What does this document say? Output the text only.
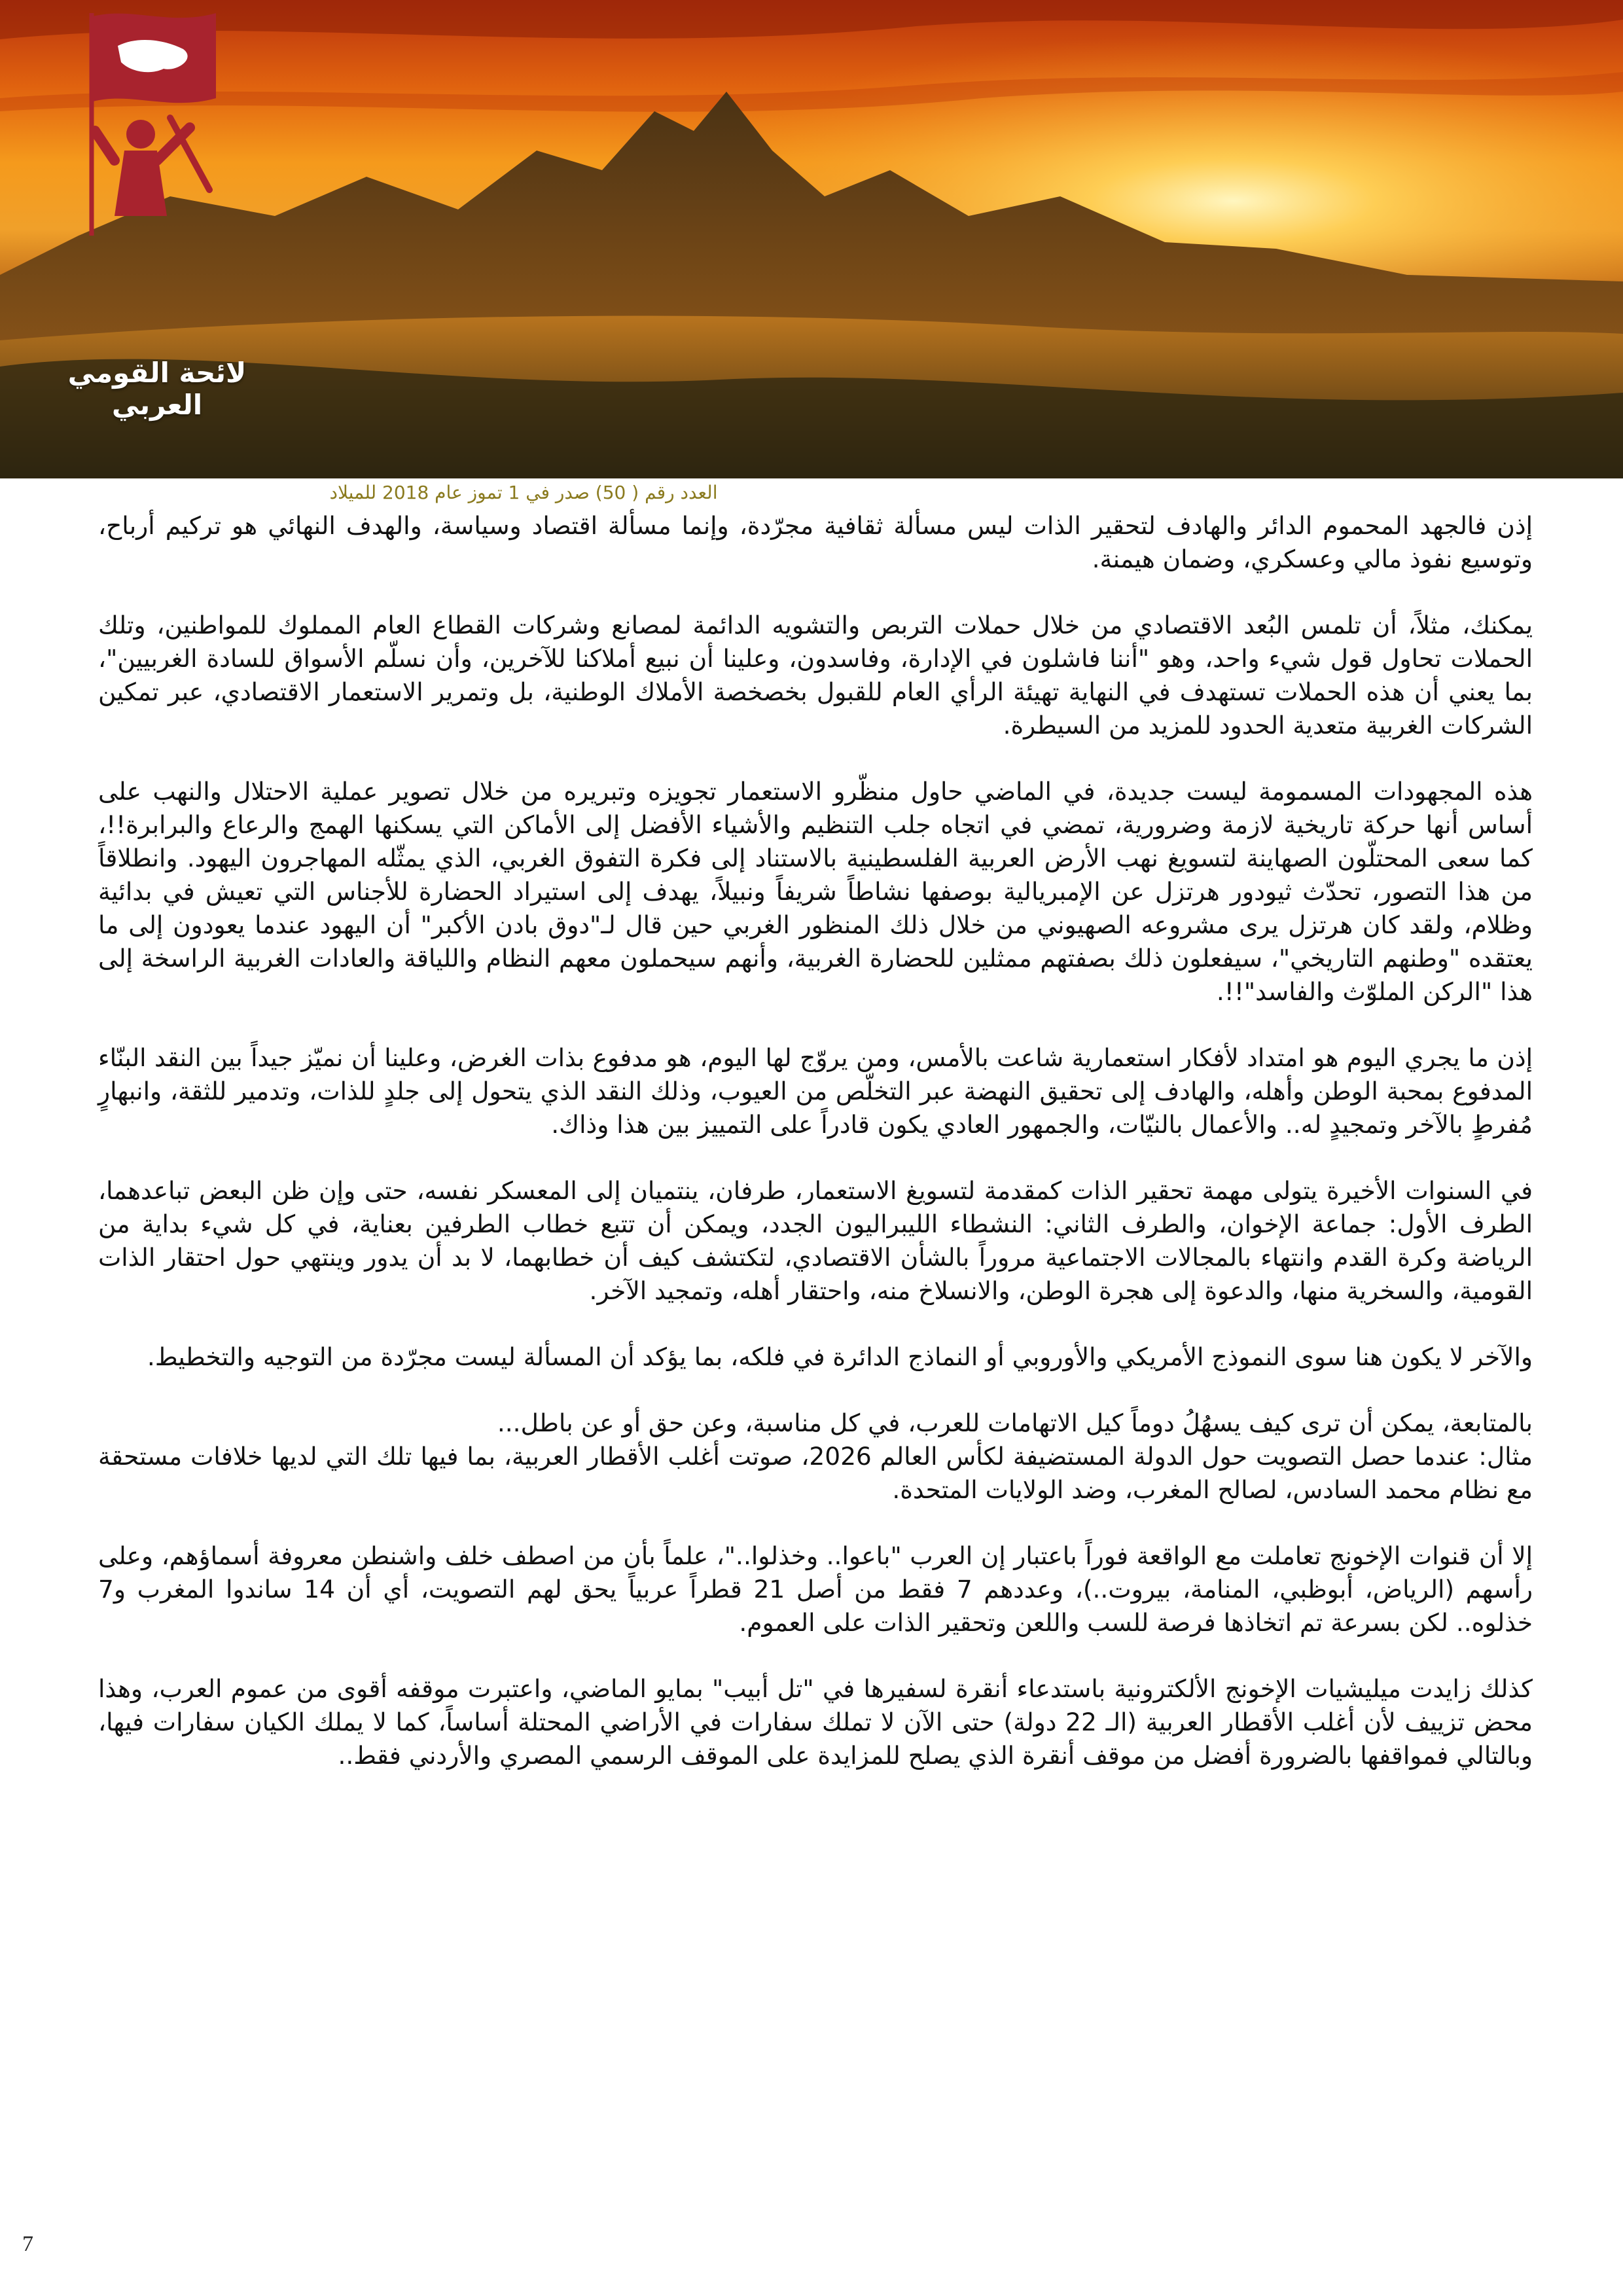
لائحة القومي العربي
العدد رقم ( 50) صدر في 1 تموز عام 2018 للميلاد

إذن فالجهد المحموم الدائر والهادف لتحقير الذات ليس مسألة ثقافية مجرّدة، وإنما مسألة اقتصاد وسياسة، والهدف النهائي هو تركيم أرباح، وتوسيع نفوذ مالي وعسكري، وضمان هيمنة.

يمكنك، مثلاً، أن تلمس البُعد الاقتصادي من خلال حملات التربص والتشويه الدائمة لمصانع وشركات القطاع العام المملوك للمواطنين، وتلك الحملات تحاول قول شيء واحد، وهو "أننا فاشلون في الإدارة، وفاسدون، وعلينا أن نبيع أملاكنا للآخرين، وأن نسلّم الأسواق للسادة الغربيين"، بما يعني أن هذه الحملات تستهدف في النهاية تهيئة الرأي العام للقبول بخصخصة الأملاك الوطنية، بل وتمرير الاستعمار الاقتصادي، عبر تمكين الشركات الغربية متعدية الحدود للمزيد من السيطرة.

هذه المجهودات المسمومة ليست جديدة، في الماضي حاول منظّرو الاستعمار تجويزه وتبريره من خلال تصوير عملية الاحتلال والنهب على أساس أنها حركة تاريخية لازمة وضرورية، تمضي في اتجاه جلب التنظيم والأشياء الأفضل إلى الأماكن التي يسكنها الهمج والرعاع والبرابرة!!، كما سعى المحتلّون الصهاينة لتسويغ نهب الأرض العربية الفلسطينية بالاستناد إلى فكرة التفوق الغربي، الذي يمثّله المهاجرون اليهود. وانطلاقاً من هذا التصور، تحدّث ثيودور هرتزل عن الإمبريالية بوصفها نشاطاً شريفاً ونبيلاً، يهدف إلى استيراد الحضارة للأجناس التي تعيش في بدائية وظلام، ولقد كان هرتزل يرى مشروعه الصهيوني من خلال ذلك المنظور الغربي حين قال لـ"دوق بادن الأكبر" أن اليهود عندما يعودون إلى ما يعتقده "وطنهم التاريخي"، سيفعلون ذلك بصفتهم ممثلين للحضارة الغربية، وأنهم سيحملون معهم النظام واللياقة والعادات الغربية الراسخة إلى هذا "الركن الملوّث والفاسد"!!.

إذن ما يجري اليوم هو امتداد لأفكار استعمارية شاعت بالأمس، ومن يروّج لها اليوم، هو مدفوع بذات الغرض، وعلينا أن نميّز جيداً بين النقد البنّاء المدفوع بمحبة الوطن وأهله، والهادف إلى تحقيق النهضة عبر التخلّص من العيوب، وذلك النقد الذي يتحول إلى جلدٍ للذات، وتدمير للثقة، وانبهارٍ مُفرطٍ بالآخر وتمجيدٍ له.. والأعمال بالنيّات، والجمهور العادي يكون قادراً على التمييز بين هذا وذاك.

في السنوات الأخيرة يتولى مهمة تحقير الذات كمقدمة لتسويغ الاستعمار، طرفان، ينتميان إلى المعسكر نفسه، حتى وإن ظن البعض تباعدهما، الطرف الأول: جماعة الإخوان، والطرف الثاني: النشطاء الليبراليون الجدد، ويمكن أن تتبع خطاب الطرفين بعناية، في كل شيء بداية من الرياضة وكرة القدم وانتهاء بالمجالات الاجتماعية مروراً بالشأن الاقتصادي، لتكتشف كيف أن خطابهما، لا بد أن يدور وينتهي حول احتقار الذات القومية، والسخرية منها، والدعوة إلى هجرة الوطن، والانسلاخ منه، واحتقار أهله، وتمجيد الآخر.

والآخر لا يكون هنا سوى النموذج الأمريكي والأوروبي أو النماذج الدائرة في فلكه، بما يؤكد أن المسألة ليست مجرّدة من التوجيه والتخطيط.

بالمتابعة، يمكن أن ترى كيف يسهُلُ دوماً كيل الاتهامات للعرب، في كل مناسبة، وعن حق أو عن باطل...

مثال: عندما حصل التصويت حول الدولة المستضيفة لكأس العالم 2026، صوتت أغلب الأقطار العربية، بما فيها تلك التي لديها خلافات مستحقة مع نظام محمد السادس، لصالح المغرب، وضد الولايات المتحدة.

إلا أن قنوات الإخونج تعاملت مع الواقعة فوراً باعتبار إن العرب "باعوا.. وخذلوا.."، علماً بأن من اصطف خلف واشنطن معروفة أسماؤهم، وعلى رأسهم (الرياض، أبوظبي، المنامة، بيروت..)، وعددهم 7 فقط من أصل 21 قطراً عربياً يحق لهم التصويت، أي أن 14 ساندوا المغرب و7 خذلوه.. لكن بسرعة تم اتخاذها فرصة للسب واللعن وتحقير الذات على العموم.

كذلك زايدت ميليشيات الإخونج الألكترونية باستدعاء أنقرة لسفيرها في "تل أبيب" بمايو الماضي، واعتبرت موقفه أقوى من عموم العرب، وهذا محض تزييف لأن أغلب الأقطار العربية (الـ 22 دولة) حتى الآن لا تملك سفارات في الأراضي المحتلة أساساً، كما لا يملك الكيان سفارات فيها، وبالتالي فمواقفها بالضرورة أفضل من موقف أنقرة الذي يصلح للمزايدة على الموقف الرسمي المصري والأردني فقط..

7
